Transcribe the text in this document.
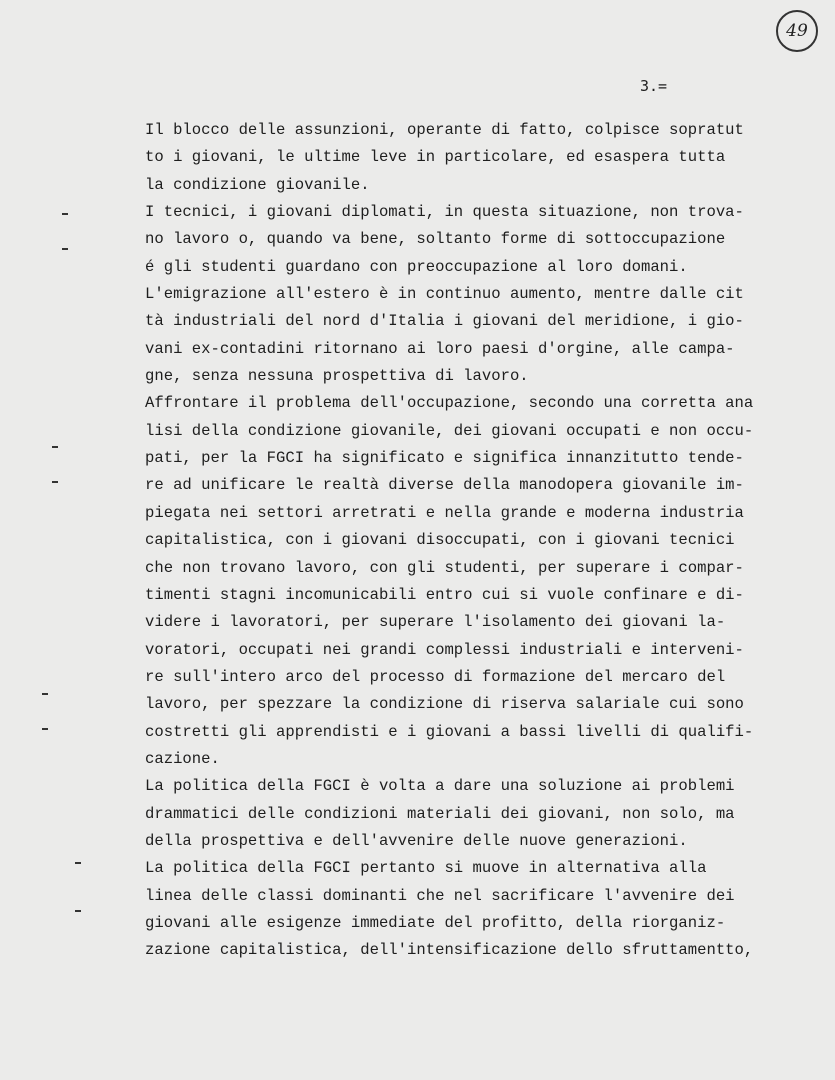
49
3.=
Il blocco delle assunzioni, operante di fatto, colpisce sopratut
to i giovani, le ultime leve in particolare, ed esaspera tutta
la condizione giovanile.
I tecnici, i giovani diplomati, in questa situazione, non trova-
no lavoro o, quando va bene, soltanto forme di sottoccupazione
é gli studenti guardano con preoccupazione al loro domani.
L'emigrazione all'estero è in continuo aumento, mentre dalle cit
tà industriali del nord d'Italia i giovani del meridione, i gio-
vani ex-contadini ritornano ai loro paesi d'orgine, alle campa-
gne, senza nessuna prospettiva di lavoro.
Affrontare il problema dell'occupazione, secondo una corretta ana
lisi della condizione giovanile, dei giovani occupati e non occu-
pati, per la FGCI ha significato e significa innanzitutto tende-
re ad unificare le realtà diverse della manodopera giovanile im-
piegata nei settori arretrati e nella grande e moderna industria
capitalistica, con i giovani disoccupati, con i giovani tecnici
che non trovano lavoro, con gli studenti, per superare i compar-
timenti stagni incomunicabili entro cui si vuole confinare e di-
videre i lavoratori, per superare l'isolamento dei giovani la-
voratori, occupati nei grandi complessi industriali e interveni-
re sull'intero arco del processo di formazione del mercaro del
lavoro, per spezzare la condizione di riserva salariale cui sono
costretti gli apprendisti e i giovani a bassi livelli di qualifi-
cazione.
La politica della FGCI è volta a dare una soluzione ai problemi
drammatici delle condizioni materiali dei giovani, non solo, ma
della prospettiva e dell'avvenire delle nuove generazioni.
La politica della FGCI pertanto si muove in alternativa alla
linea delle classi dominanti che nel sacrificare l'avvenire dei
giovani alle esigenze immediate del profitto, della riorganiz-
zazione capitalistica, dell'intensificazione dello sfruttamentto,
